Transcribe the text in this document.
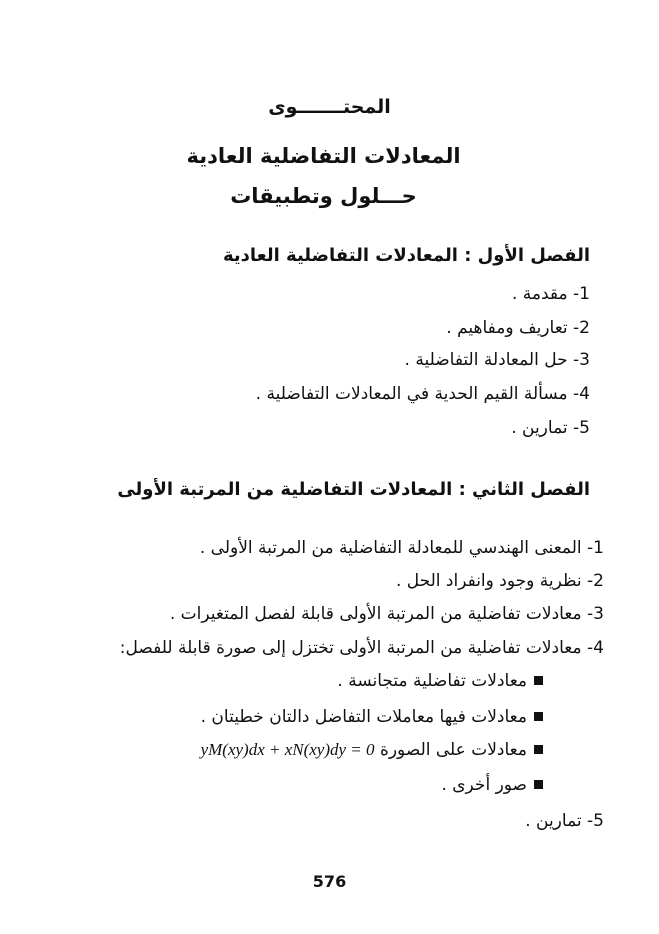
المحتـــــــوى
المعادلات التفاضلية العادية
حـــلول وتطبيقات
الفصل الأول : المعادلات التفاضلية العادية
1- مقدمة .
2- تعاريف ومفاهيم .
3- حل المعادلة التفاضلية .
4- مسألة القيم الحدية في المعادلات التفاضلية .
5- تمارين .
الفصل الثاني : المعادلات التفاضلية من المرتبة الأولى
1- المعنى الهندسي للمعادلة التفاضلية من المرتبة الأولى .
2- نظرية وجود وانفراد الحل .
3- معادلات تفاضلية من المرتبة الأولى قابلة لفصل المتغيرات .
4- معادلات تفاضلية من المرتبة الأولى تختزل إلى صورة قابلة للفصل:
معادلات تفاضلية متجانسة .
معادلات فيها معاملات التفاضل دالتان خطيتان .
معادلات على الصورة yM(xy)dx + xN(xy)dy = 0
صور أخرى .
5- تمارين .
576
